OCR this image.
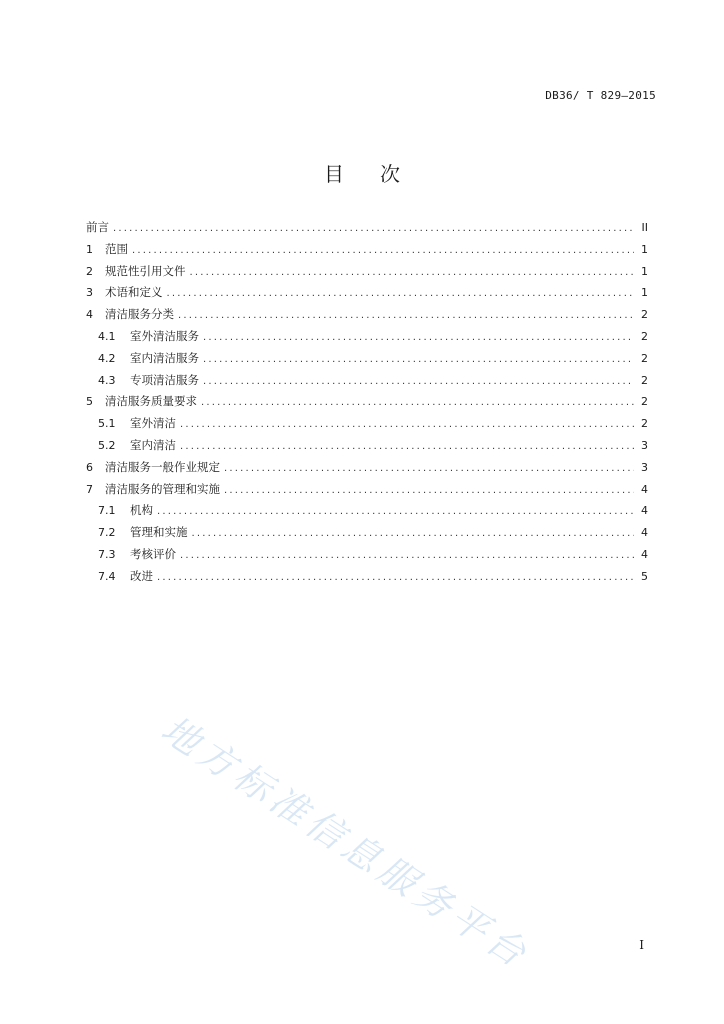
DB36/ T 829—2015
目次
前言 .....	II
1	范围 .....	1
2	规范性引用文件 .....	1
3	术语和定义 .....	1
4	清洁服务分类 .....	2
4.1	室外清洁服务 .....	2
4.2	室内清洁服务 .....	2
4.3	专项清洁服务 .....	2
5	清洁服务质量要求 .....	2
5.1	室外清洁 .....	2
5.2	室内清洁 .....	3
6	清洁服务一般作业规定 .....	3
7	清洁服务的管理和实施 .....	4
7.1	机构 .....	4
7.2	管理和实施 .....	4
7.3	考核评价 .....	4
7.4	改进 .....	5
地方标准信息服务平台	I
